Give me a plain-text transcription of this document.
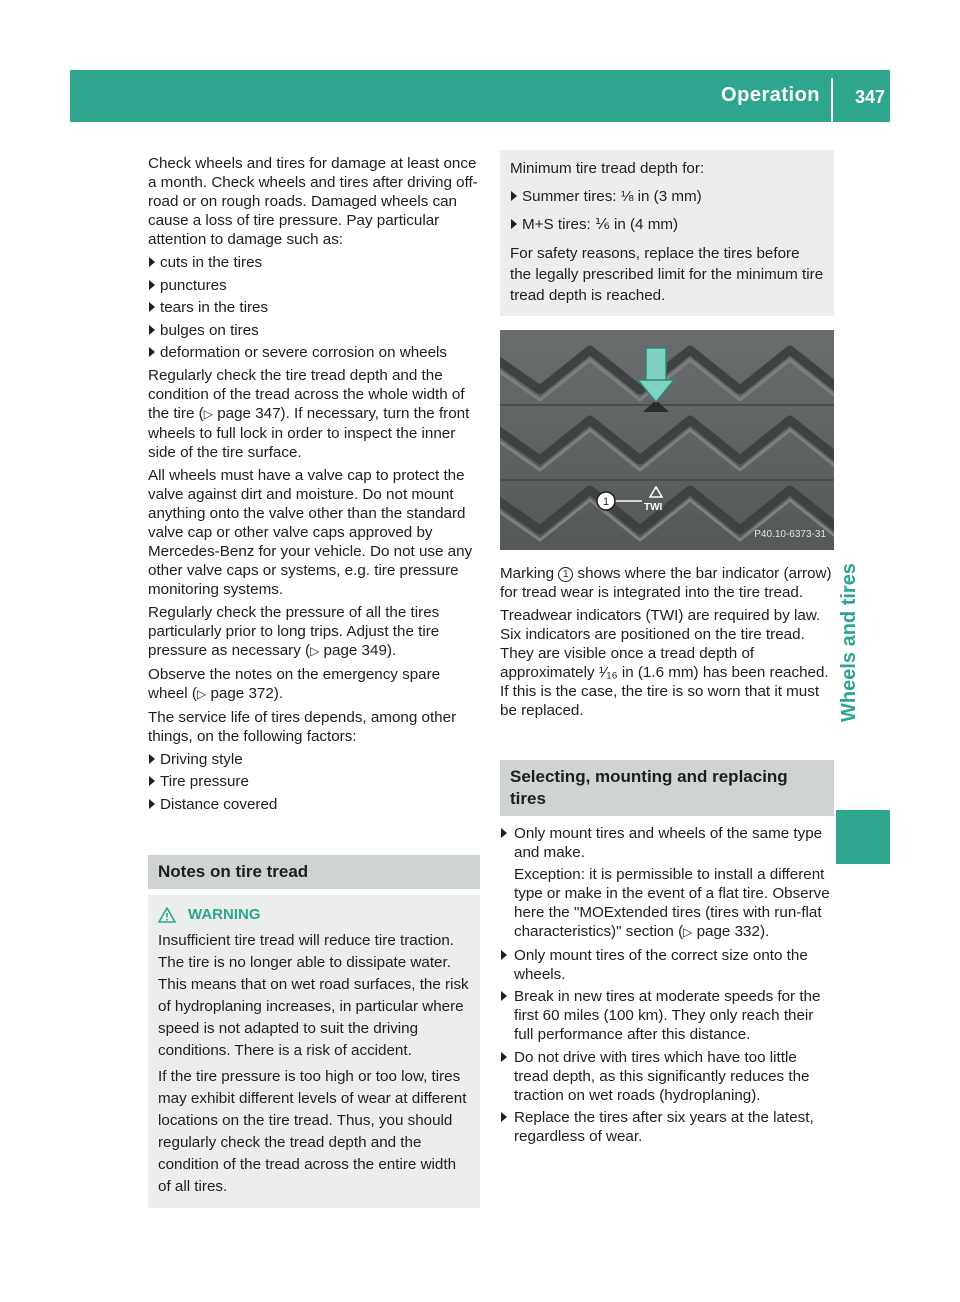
Operation 347
Wheels and tires

Check wheels and tires for damage at least once a month. Check wheels and tires after driving off-road or on rough roads. Damaged wheels can cause a loss of tire pressure. Pay particular attention to damage such as:

cuts in the tires
punctures
tears in the tires
bulges on tires
deformation or severe corrosion on wheels

Regularly check the tire tread depth and the condition of the tread across the whole width of the tire (▷ page 347). If necessary, turn the front wheels to full lock in order to inspect the inner side of the tire surface.

All wheels must have a valve cap to protect the valve against dirt and moisture. Do not mount anything onto the valve other than the standard valve cap or other valve caps approved by Mercedes-Benz for your vehicle. Do not use any other valve caps or systems, e.g. tire pressure monitoring systems.

Regularly check the pressure of all the tires particularly prior to long trips. Adjust the tire pressure as necessary (▷ page 349).

Observe the notes on the emergency spare wheel (▷ page 372).

The service life of tires depends, among other things, on the following factors:

Driving style
Tire pressure
Distance covered
Notes on tire tread
WARNING

Insufficient tire tread will reduce tire traction. The tire is no longer able to dissipate water. This means that on wet road surfaces, the risk of hydroplaning increases, in particular where speed is not adapted to suit the driving conditions. There is a risk of accident.

If the tire pressure is too high or too low, tires may exhibit different levels of wear at different locations on the tire tread. Thus, you should regularly check the tread depth and the condition of the tread across the entire width of all tires.

Minimum tire tread depth for:

Summer tires: ⅛ in (3 mm)
M+S tires: ⅙ in (4 mm)

For safety reasons, replace the tires before the legally prescribed limit for the minimum tire tread depth is reached.

TWI
1
P40.10-6373-31

Marking 1 shows where the bar indicator (arrow) for tread wear is integrated into the tire tread.

Treadwear indicators (TWI) are required by law. Six indicators are positioned on the tire tread. They are visible once a tread depth of approximately ¹⁄₁₆ in (1.6 mm) has been reached. If this is the case, the tire is so worn that it must be replaced.

Selecting, mounting and replacing tires
Only mount tires and wheels of the same type and make.
Exception: it is permissible to install a different type or make in the event of a flat tire. Observe here the "MOExtended tires (tires with run-flat characteristics)" section (▷ page 332).
Only mount tires of the correct size onto the wheels.
Break in new tires at moderate speeds for the first 60 miles (100 km). They only reach their full performance after this distance.
Do not drive with tires which have too little tread depth, as this significantly reduces the traction on wet roads (hydroplaning).
Replace the tires after six years at the latest, regardless of wear.
